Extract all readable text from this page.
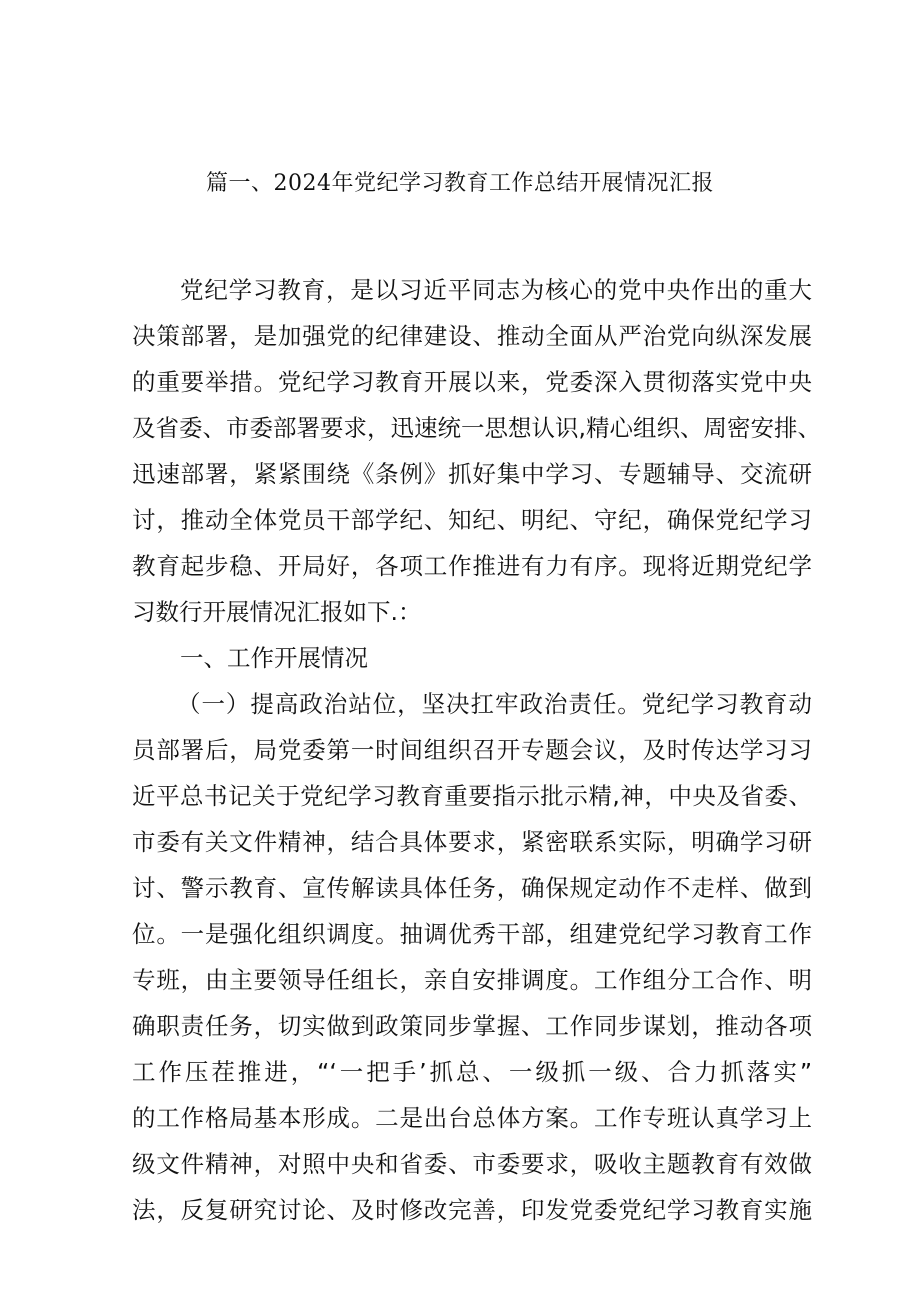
篇一、2024年党纪学习教育工作总结开展情况汇报
党纪学习教育，是以习近平同志为核心的党中央作出的重大
决策部署，是加强党的纪律建设、推动全面从严治党向纵深发展
的重要举措。党纪学习教育开展以来，党委深入贯彻落实党中央
及省委、市委部署要求，迅速统一思想认识,精心组织、周密安排、
迅速部署，紧紧围绕《条例》抓好集中学习、专题辅导、交流研
讨，推动全体党员干部学纪、知纪、明纪、守纪，确保党纪学习
教育起步稳、开局好，各项工作推进有力有序。现将近期党纪学
习数行开展情况汇报如下.：
一、工作开展情况
（一）提高政治站位，坚决扛牢政治责任。党纪学习教育动
员部署后，局党委第一时间组织召开专题会议，及时传达学习习
近平总书记关于党纪学习教育重要指示批示精,神，中央及省委、
市委有关文件精神，结合具体要求，紧密联系实际，明确学习研
讨、警示教育、宣传解读具体任务，确保规定动作不走样、做到
位。一是强化组织调度。抽调优秀干部，组建党纪学习教育工作
专班，由主要领导任组长，亲自安排调度。工作组分工合作、明
确职责任务，切实做到政策同步掌握、工作同步谋划，推动各项
工作压茬推进，“‘一把手’抓总、一级抓一级、合力抓落实”
的工作格局基本形成。二是出台总体方案。工作专班认真学习上
级文件精神，对照中央和省委、市委要求，吸收主题教育有效做
法，反复研究讨论、及时修改完善，印发党委党纪学习教育实施
